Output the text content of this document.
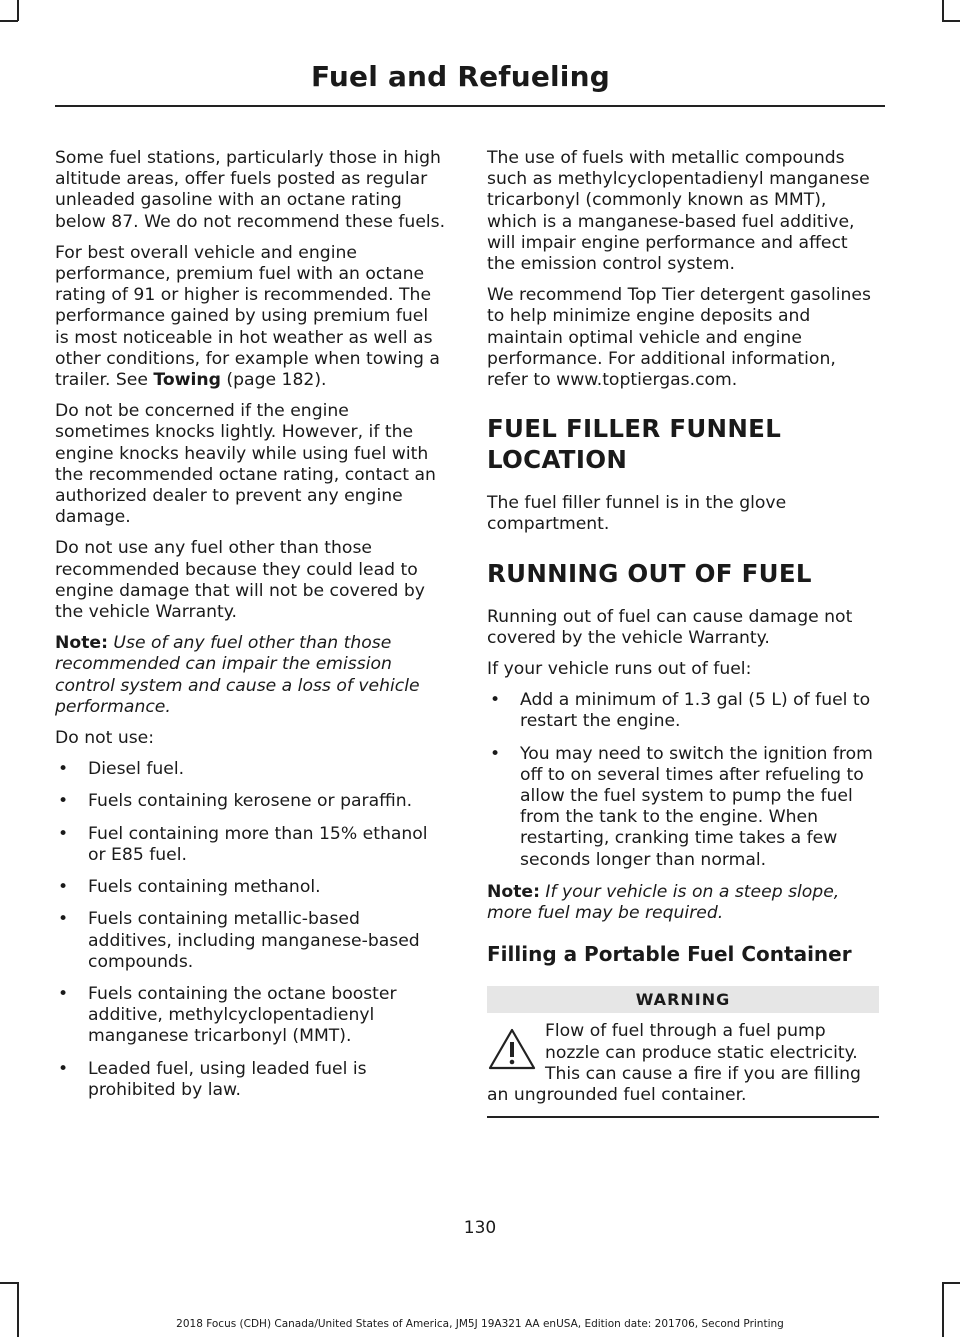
Fuel and Refueling

Some fuel stations, particularly those in high altitude areas, offer fuels posted as regular unleaded gasoline with an octane rating below 87. We do not recommend these fuels.

For best overall vehicle and engine performance, premium fuel with an octane rating of 91 or higher is recommended. The performance gained by using premium fuel is most noticeable in hot weather as well as other conditions, for example when towing a trailer. See Towing (page 182).

Do not be concerned if the engine sometimes knocks lightly. However, if the engine knocks heavily while using fuel with the recommended octane rating, contact an authorized dealer to prevent any engine damage.

Do not use any fuel other than those recommended because they could lead to engine damage that will not be covered by the vehicle Warranty.

Note: Use of any fuel other than those recommended can impair the emission control system and cause a loss of vehicle performance.

Do not use:

• Diesel fuel.
• Fuels containing kerosene or paraffin.
• Fuel containing more than 15% ethanol or E85 fuel.
• Fuels containing methanol.
• Fuels containing metallic-based additives, including manganese-based compounds.
• Fuels containing the octane booster additive, methylcyclopentadienyl manganese tricarbonyl (MMT).
• Leaded fuel, using leaded fuel is prohibited by law.

The use of fuels with metallic compounds such as methylcyclopentadienyl manganese tricarbonyl (commonly known as MMT), which is a manganese-based fuel additive, will impair engine performance and affect the emission control system.

We recommend Top Tier detergent gasolines to help minimize engine deposits and maintain optimal vehicle and engine performance. For additional information, refer to www.toptiergas.com.

FUEL FILLER FUNNEL
LOCATION

The fuel filler funnel is in the glove compartment.

RUNNING OUT OF FUEL

Running out of fuel can cause damage not covered by the vehicle Warranty.

If your vehicle runs out of fuel:

• Add a minimum of 1.3 gal (5 L) of fuel to restart the engine.
• You may need to switch the ignition from off to on several times after refueling to allow the fuel system to pump the fuel from the tank to the engine. When restarting, cranking time takes a few seconds longer than normal.

Note: If your vehicle is on a steep slope, more fuel may be required.

Filling a Portable Fuel Container
WARNING
Flow of fuel through a fuel pump nozzle can produce static electricity. This can cause a fire if you are filling an ungrounded fuel container.
130
2018 Focus (CDH) Canada/United States of America, JM5J 19A321 AA enUSA, Edition date: 201706, Second Printing
